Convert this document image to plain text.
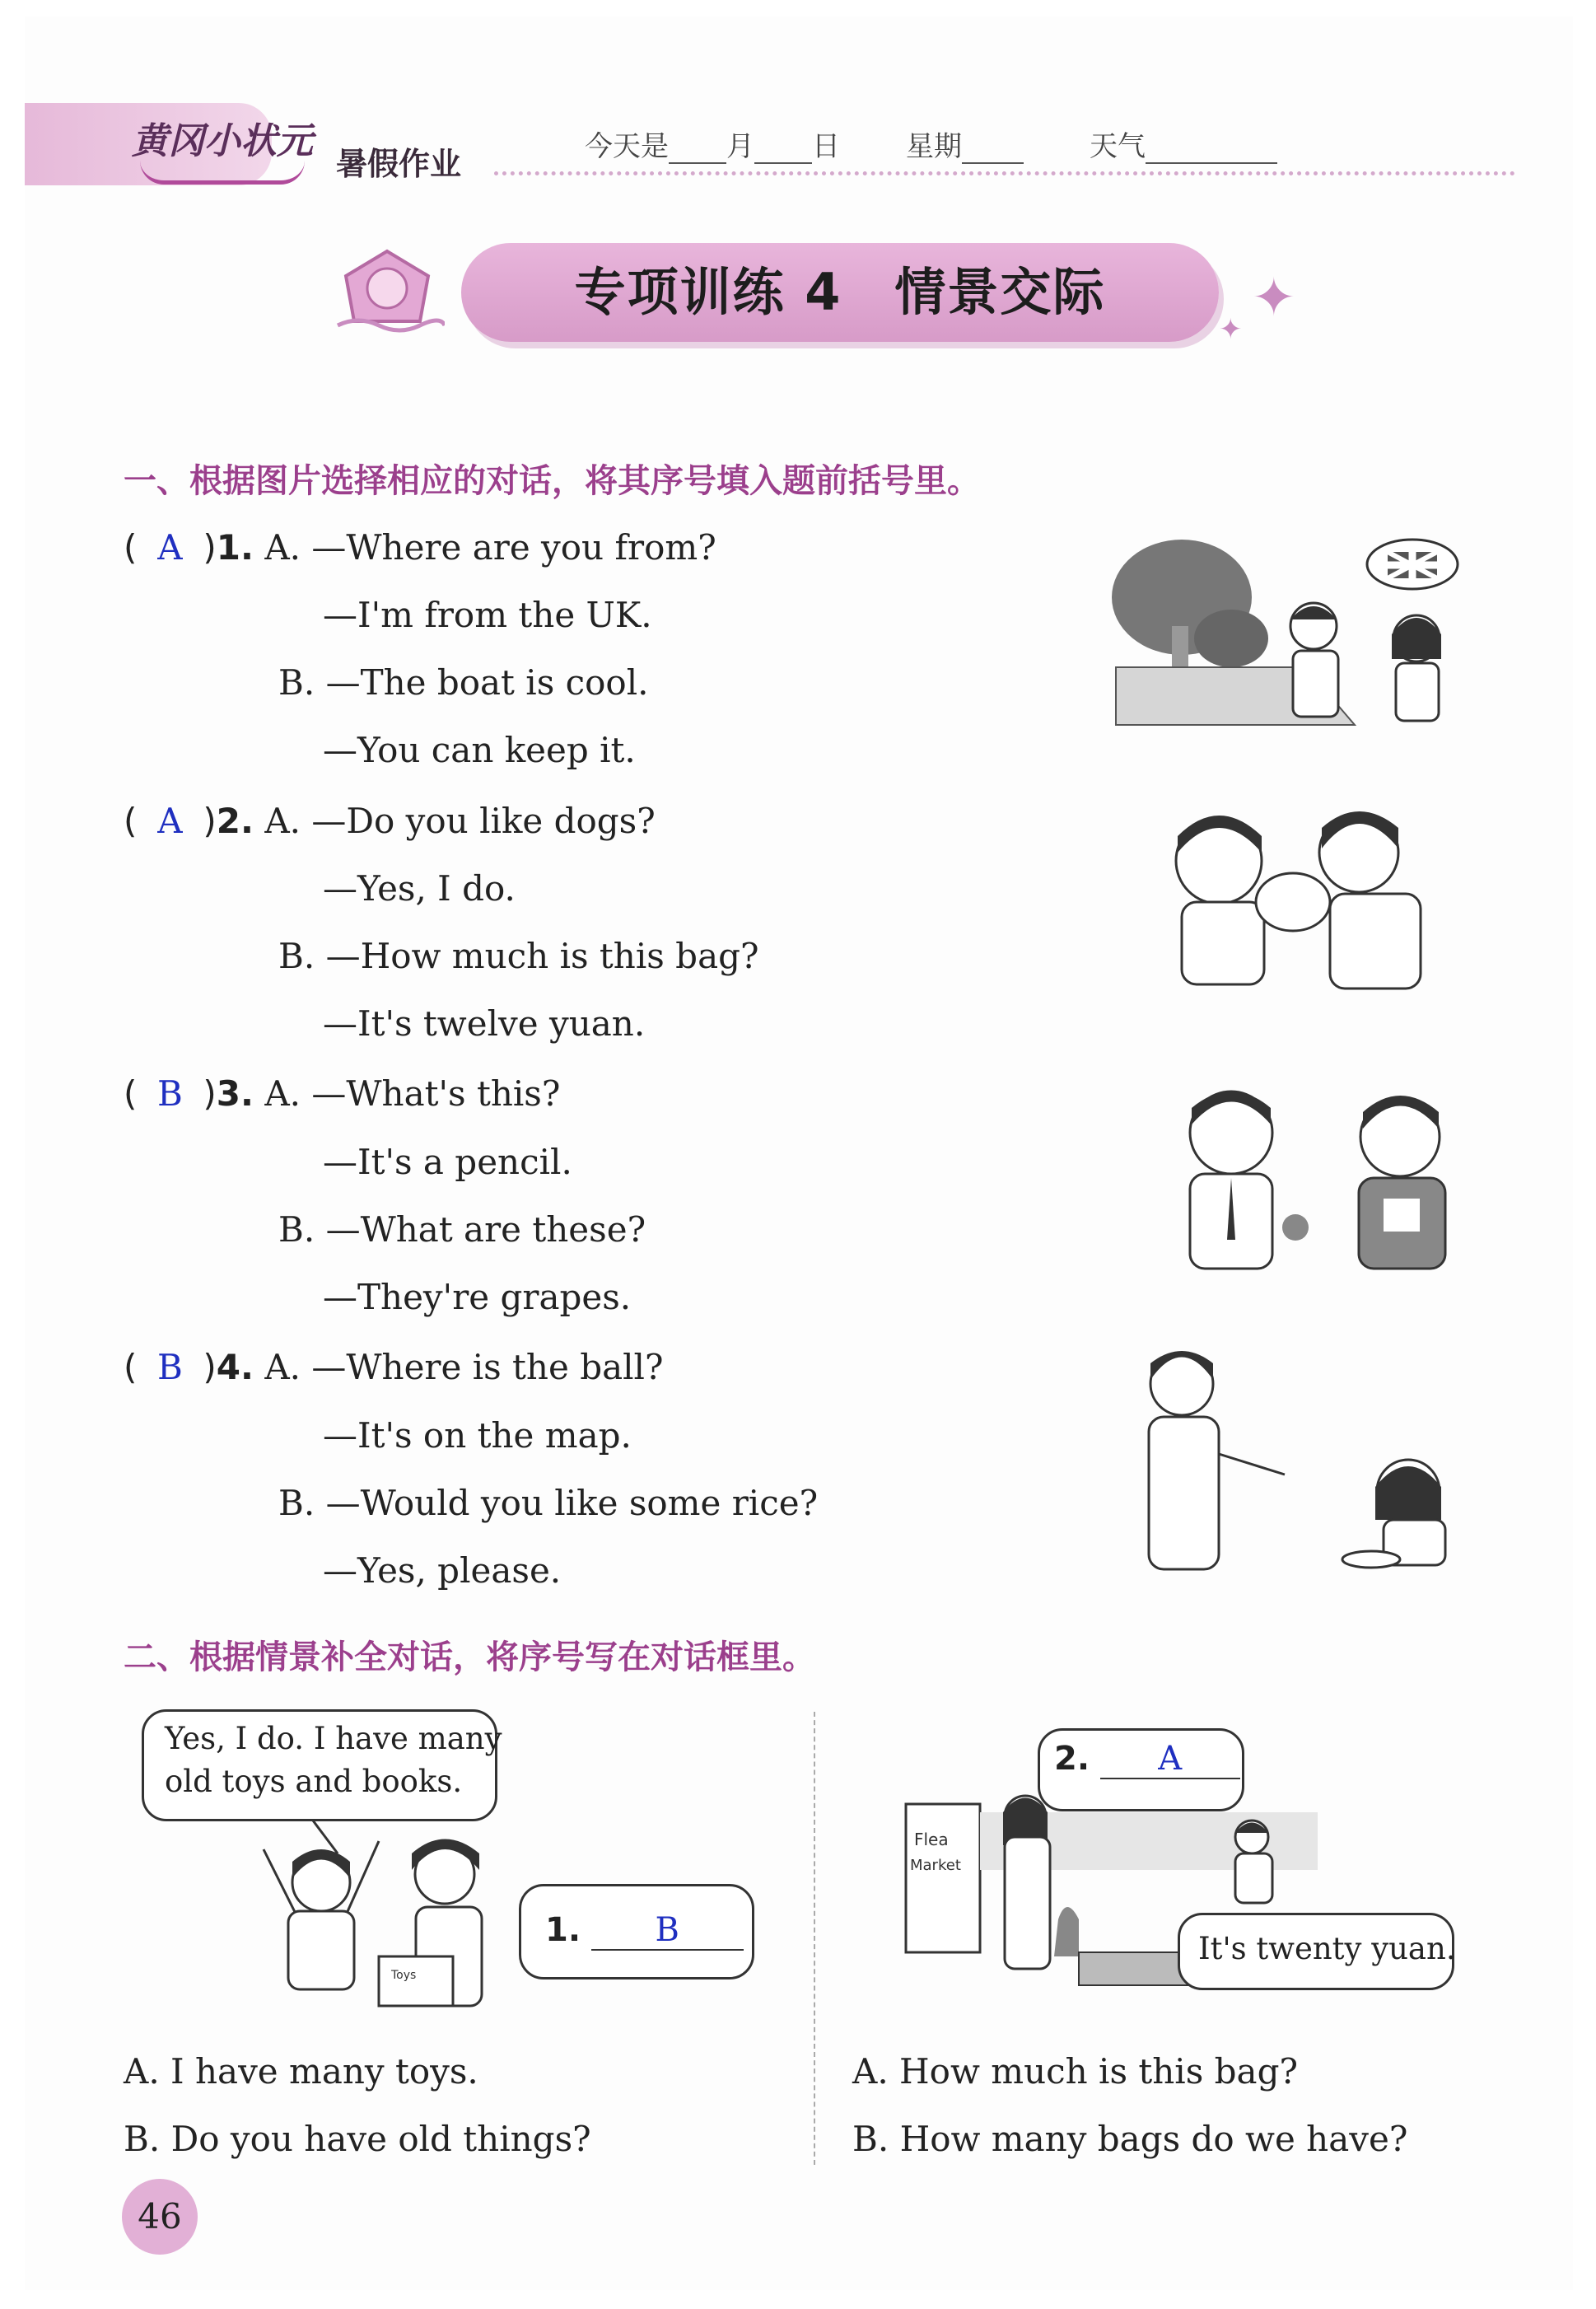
黄冈小状元
暑假作业	今天是 月 日 星期	天气
专项训练 4　情景交际	✦
✦
一、根据图片选择相应的对话，将其序号填入题前括号里。
( A )1. A. —Where are you from?
—I'm from the UK.
B. —The boat is cool.
—You can keep it.
( A )2. A. —Do you like dogs?
—Yes, I do.
B. —How much is this bag?
—It's twelve yuan.
( B )3. A. —What's this?
—It's a pencil.
B. —What are these?
—They're grapes.
( B )4. A. —Where is the ball?
—It's on the map.
B. —Would you like some rice?
—Yes, please.
二、根据情景补全对话，将序号写在对话框里。
Yes, I do. I have many
old toys and books.
Toys
1. B
A. I have many toys.
B. Do you have old things?
2. A
Flea
Market
It's twenty yuan.
A. How much is this bag?
B. How many bags do we have?
46
